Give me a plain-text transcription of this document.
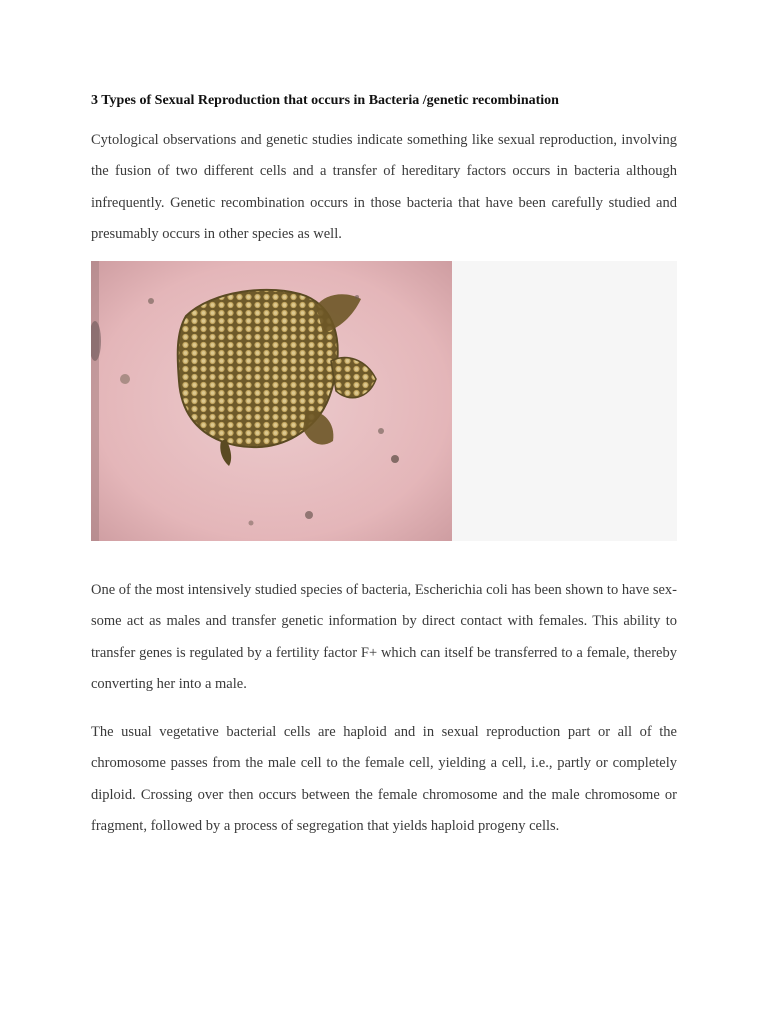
3 Types of Sexual Reproduction that occurs in Bacteria /genetic recombination

Cytological observations and genetic studies indicate something like sexual reproduction, involving the fusion of two different cells and a transfer of hereditary factors occurs in bacteria although infrequently. Genetic recombination occurs in those bacteria that have been carefully studied and presumably occurs in other species as well.

One of the most intensively studied species of bacteria, Escherichia coli has been shown to have sex-some act as males and transfer genetic information by direct contact with females. This ability to transfer genes is regulated by a fertility factor F+ which can itself be transferred to a female, thereby converting her into a male.

The usual vegetative bacterial cells are haploid and in sexual reproduction part or all of the chromosome passes from the male cell to the female cell, yielding a cell, i.e., partly or completely diploid. Crossing over then occurs between the female chromosome and the male chromosome or fragment, followed by a process of segregation that yields haploid progeny cells.
